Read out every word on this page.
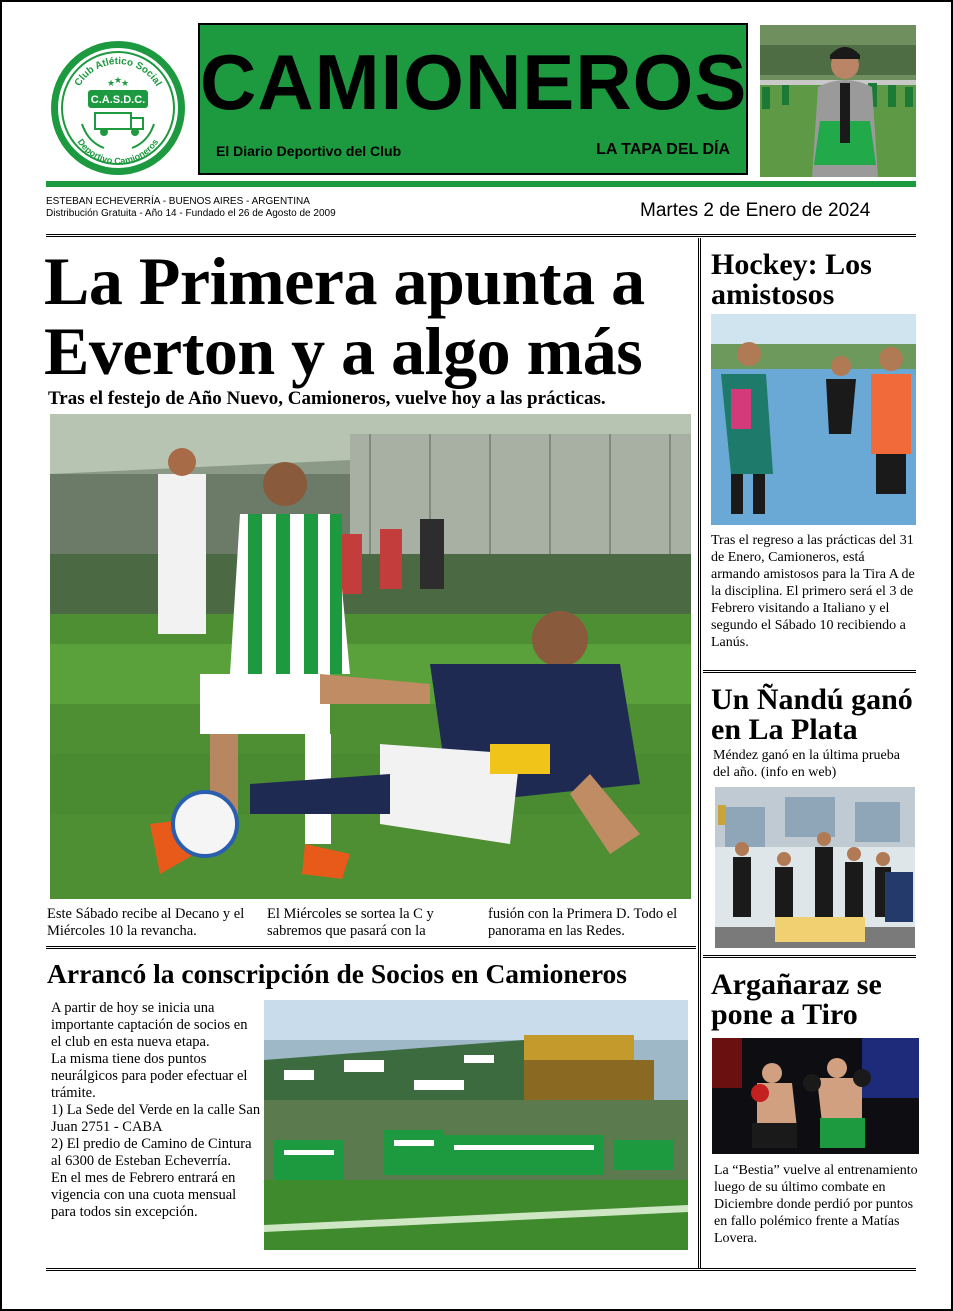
Club Atlético Social
Deportivo Camioneros
★
★
★
C.A.S.D.C. CAMIONEROS
El Diario Deportivo del Club	LA TAPA DEL DÍA
ESTEBAN ECHEVERRÍA - BUENOS AIRES - ARGENTINA
Distribución Gratuita - Año 14 - Fundado el 26 de Agosto de 2009	Martes 2 de Enero de 2024
La Primera apunta a
Everton y a algo más
Tras el festejo de Año Nuevo, Camioneros, vuelve hoy a las prácticas.
Este Sábado recibe al Decano y el Miércoles 10 la revancha.
El Miércoles se sortea la C y sabremos que pasará con la
fusión con la Primera D. Todo el panorama en las Redes.
Arrancó la conscripción de Socios en Camioneros
A partir de hoy se inicia una importante captación de socios en el club en esta nueva etapa.
La misma tiene dos puntos neurálgicos para poder efectuar el trámite.
1) La Sede del Verde en la calle San Juan 2751 - CABA
2) El predio de Camino de Cintura al 6300 de Esteban Echeverría.
En el mes de Febrero entrará en vigencia con una cuota mensual para todos sin excepción.
Hockey: Los
amistosos
Tras el regreso a las prácticas del 31 de Enero, Camioneros, está armando amistosos para la Tira A de la disciplina. El primero será el 3 de Febrero visitando a Italiano y el segundo el Sábado 10 recibiendo a Lanús.
Un Ñandú ganó
en La Plata
Méndez ganó en la última prueba del año. (info en web)
Argañaraz se
pone a Tiro
La “Bestia” vuelve al entrenamiento luego de su último combate en Diciembre donde perdió por puntos en fallo polémico frente a Matías Lovera.
